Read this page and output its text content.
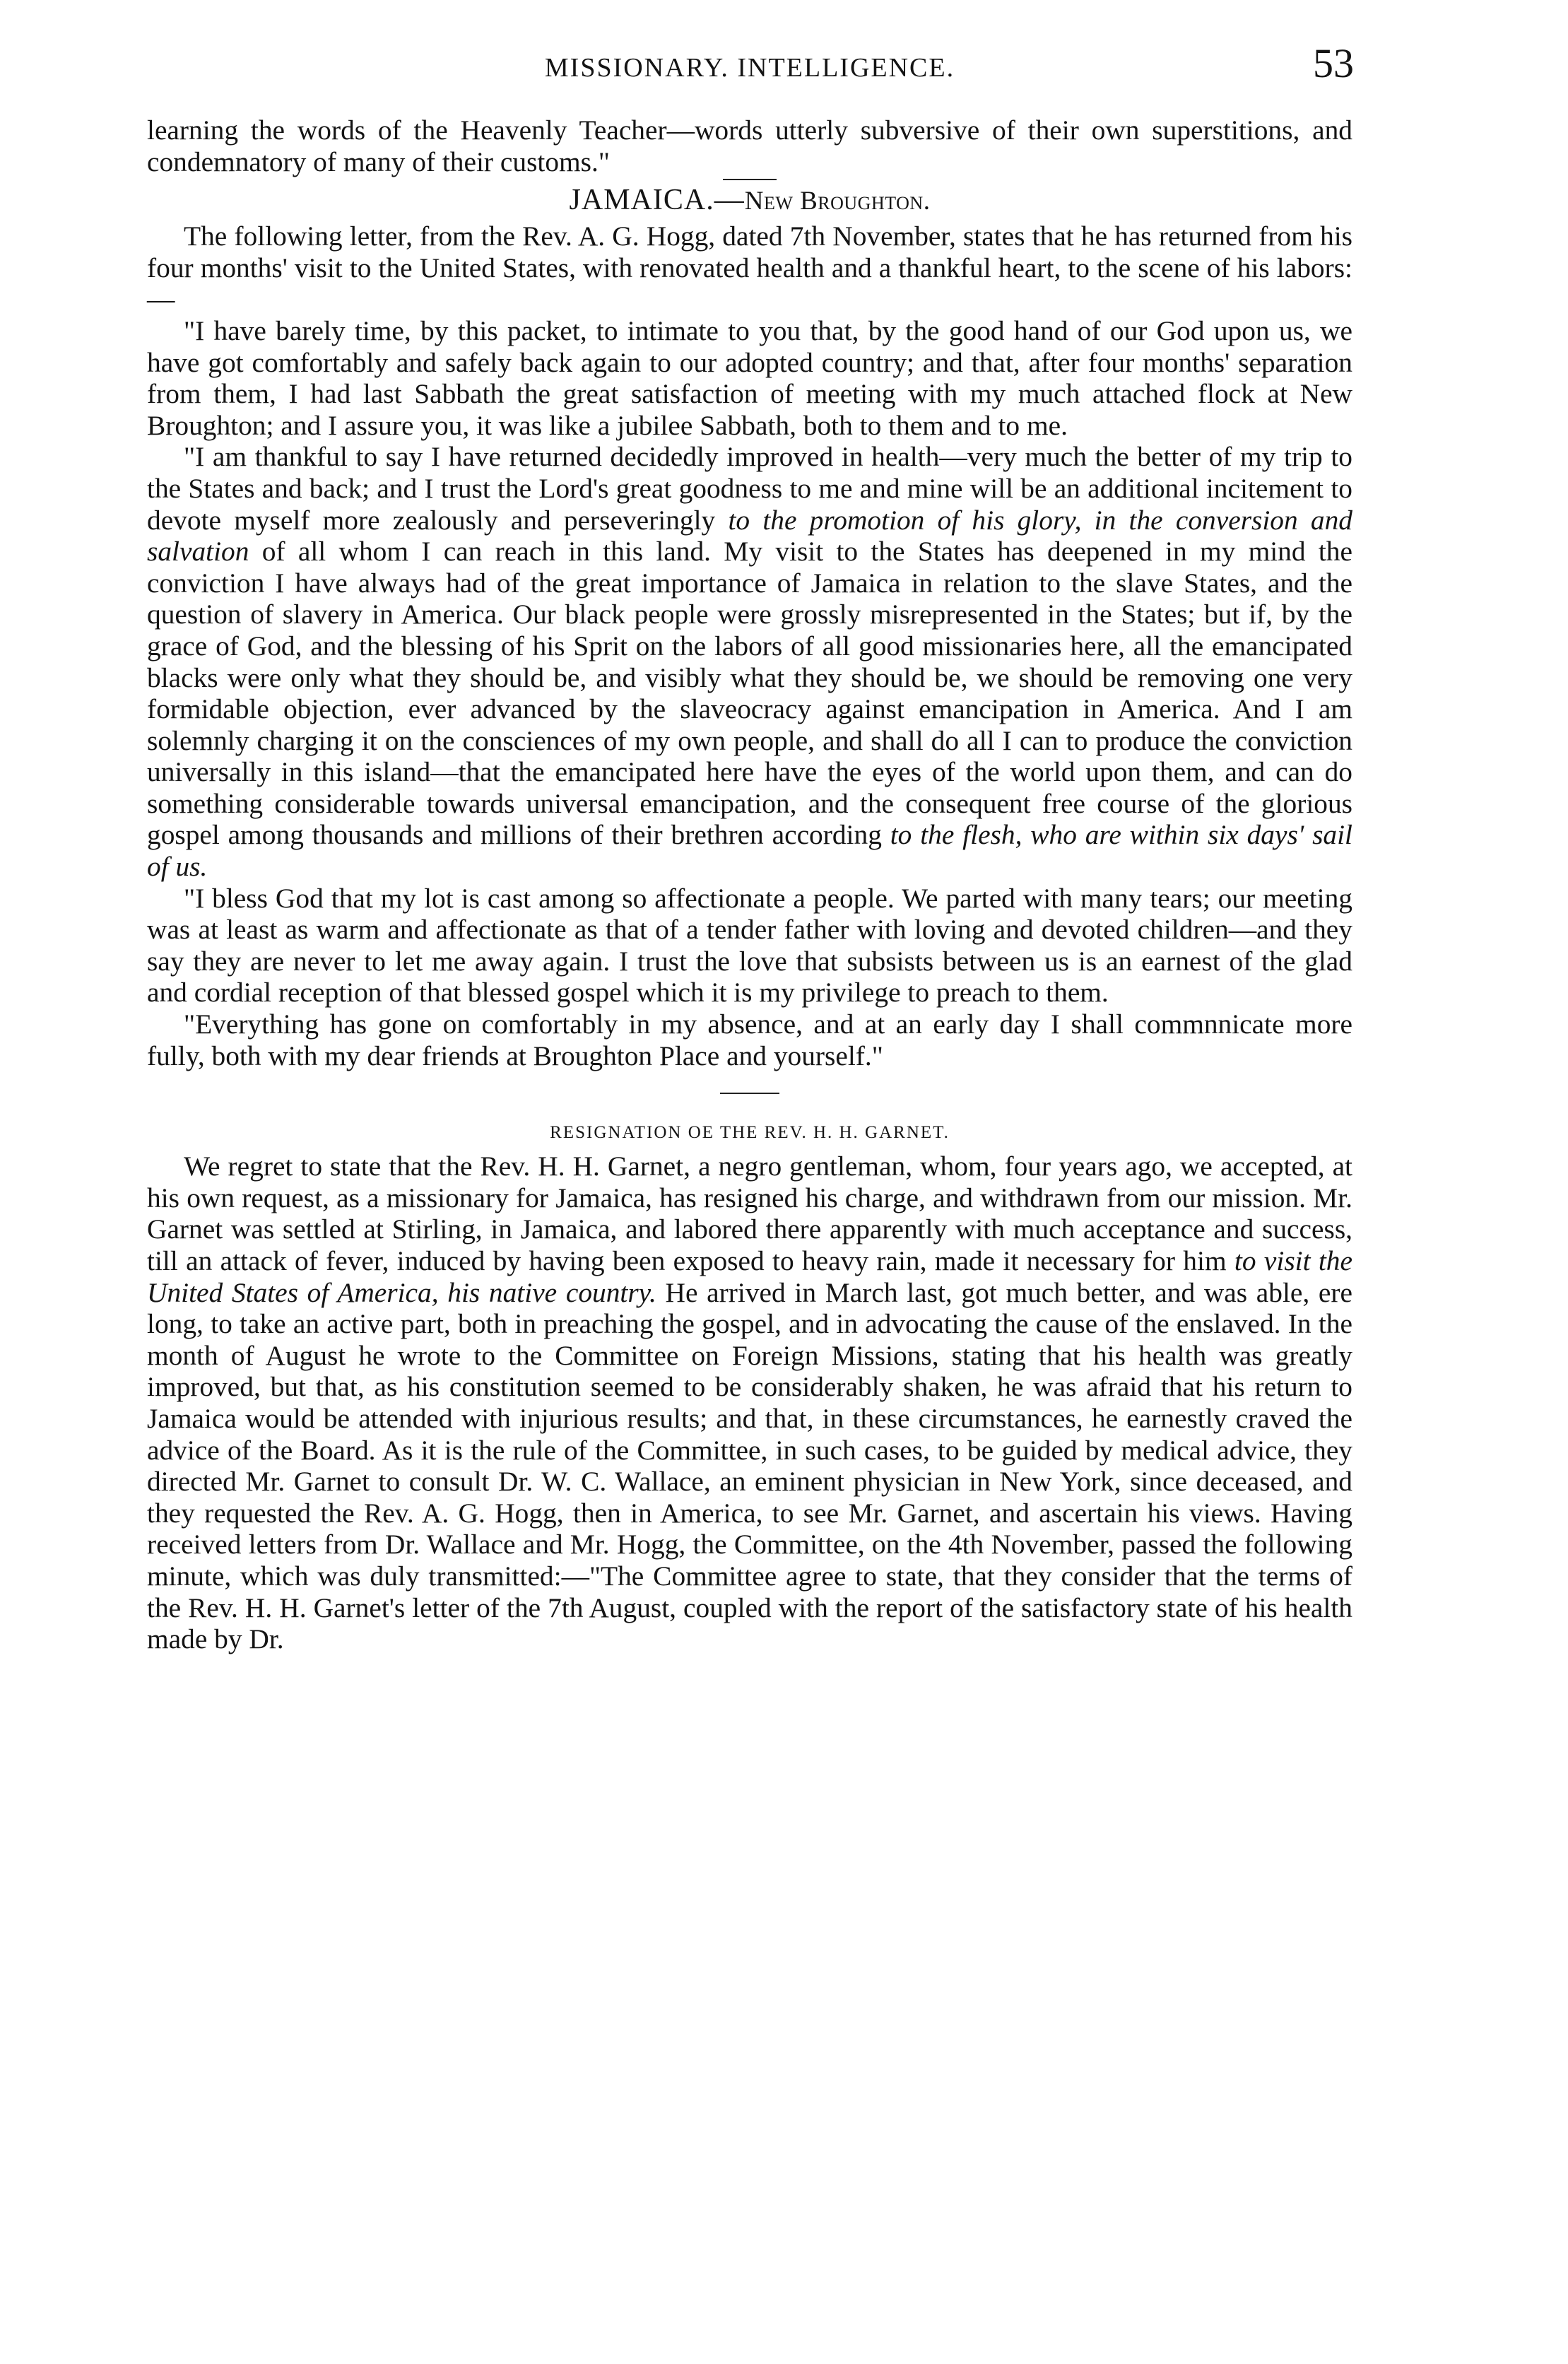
MISSIONARY. INTELLIGENCE.	53

learning the words of the Heavenly Teacher—words utterly subversive of their own superstitions, and condemnatory of many of their customs."

JAMAICA.—New Broughton.

The following letter, from the Rev. A. G. Hogg, dated 7th November, states that he has returned from his four months' visit to the United States, with renovated health and a thankful heart, to the scene of his labors:—

"I have barely time, by this packet, to intimate to you that, by the good hand of our God upon us, we have got comfortably and safely back again to our adopted country; and that, after four months' separation from them, I had last Sabbath the great satisfaction of meeting with my much attached flock at New Broughton; and I assure you, it was like a jubilee Sabbath, both to them and to me.

"I am thankful to say I have returned decidedly improved in health—very much the better of my trip to the States and back; and I trust the Lord's great goodness to me and mine will be an additional incitement to devote myself more zealously and perseveringly to the promotion of his glory, in the conversion and salvation of all whom I can reach in this land. My visit to the States has deepened in my mind the conviction I have always had of the great importance of Jamaica in relation to the slave States, and the question of slavery in America. Our black people were grossly misrepresented in the States; but if, by the grace of God, and the blessing of his Sprit on the labors of all good missionaries here, all the emancipated blacks were only what they should be, and visibly what they should be, we should be removing one very formidable objection, ever advanced by the slaveocracy against emancipation in America. And I am solemnly charging it on the consciences of my own people, and shall do all I can to produce the conviction universally in this island—that the emancipated here have the eyes of the world upon them, and can do something considerable towards universal emancipation, and the consequent free course of the glorious gospel among thousands and millions of their brethren according to the flesh, who are within six days' sail of us.

"I bless God that my lot is cast among so affectionate a people. We parted with many tears; our meeting was at least as warm and affectionate as that of a tender father with loving and devoted children—and they say they are never to let me away again. I trust the love that subsists between us is an earnest of the glad and cordial reception of that blessed gospel which it is my privilege to preach to them.

"Everything has gone on comfortably in my absence, and at an early day I shall commnnicate more fully, both with my dear friends at Broughton Place and yourself."

RESIGNATION OE THE REV. H. H. GARNET.

We regret to state that the Rev. H. H. Garnet, a negro gentleman, whom, four years ago, we accepted, at his own request, as a missionary for Jamaica, has resigned his charge, and withdrawn from our mission. Mr. Garnet was settled at Stirling, in Jamaica, and labored there apparently with much acceptance and success, till an attack of fever, induced by having been exposed to heavy rain, made it necessary for him to visit the United States of America, his native country. He arrived in March last, got much better, and was able, ere long, to take an active part, both in preaching the gospel, and in advocating the cause of the enslaved. In the month of August he wrote to the Committee on Foreign Missions, stating that his health was greatly improved, but that, as his constitution seemed to be considerably shaken, he was afraid that his return to Jamaica would be attended with injurious results; and that, in these circumstances, he earnestly craved the advice of the Board. As it is the rule of the Committee, in such cases, to be guided by medical advice, they directed Mr. Garnet to consult Dr. W. C. Wallace, an eminent physician in New York, since deceased, and they requested the Rev. A. G. Hogg, then in America, to see Mr. Garnet, and ascertain his views. Having received letters from Dr. Wallace and Mr. Hogg, the Committee, on the 4th November, passed the following minute, which was duly transmitted:—"The Committee agree to state, that they consider that the terms of the Rev. H. H. Garnet's letter of the 7th August, coupled with the report of the satisfactory state of his health made by Dr.
